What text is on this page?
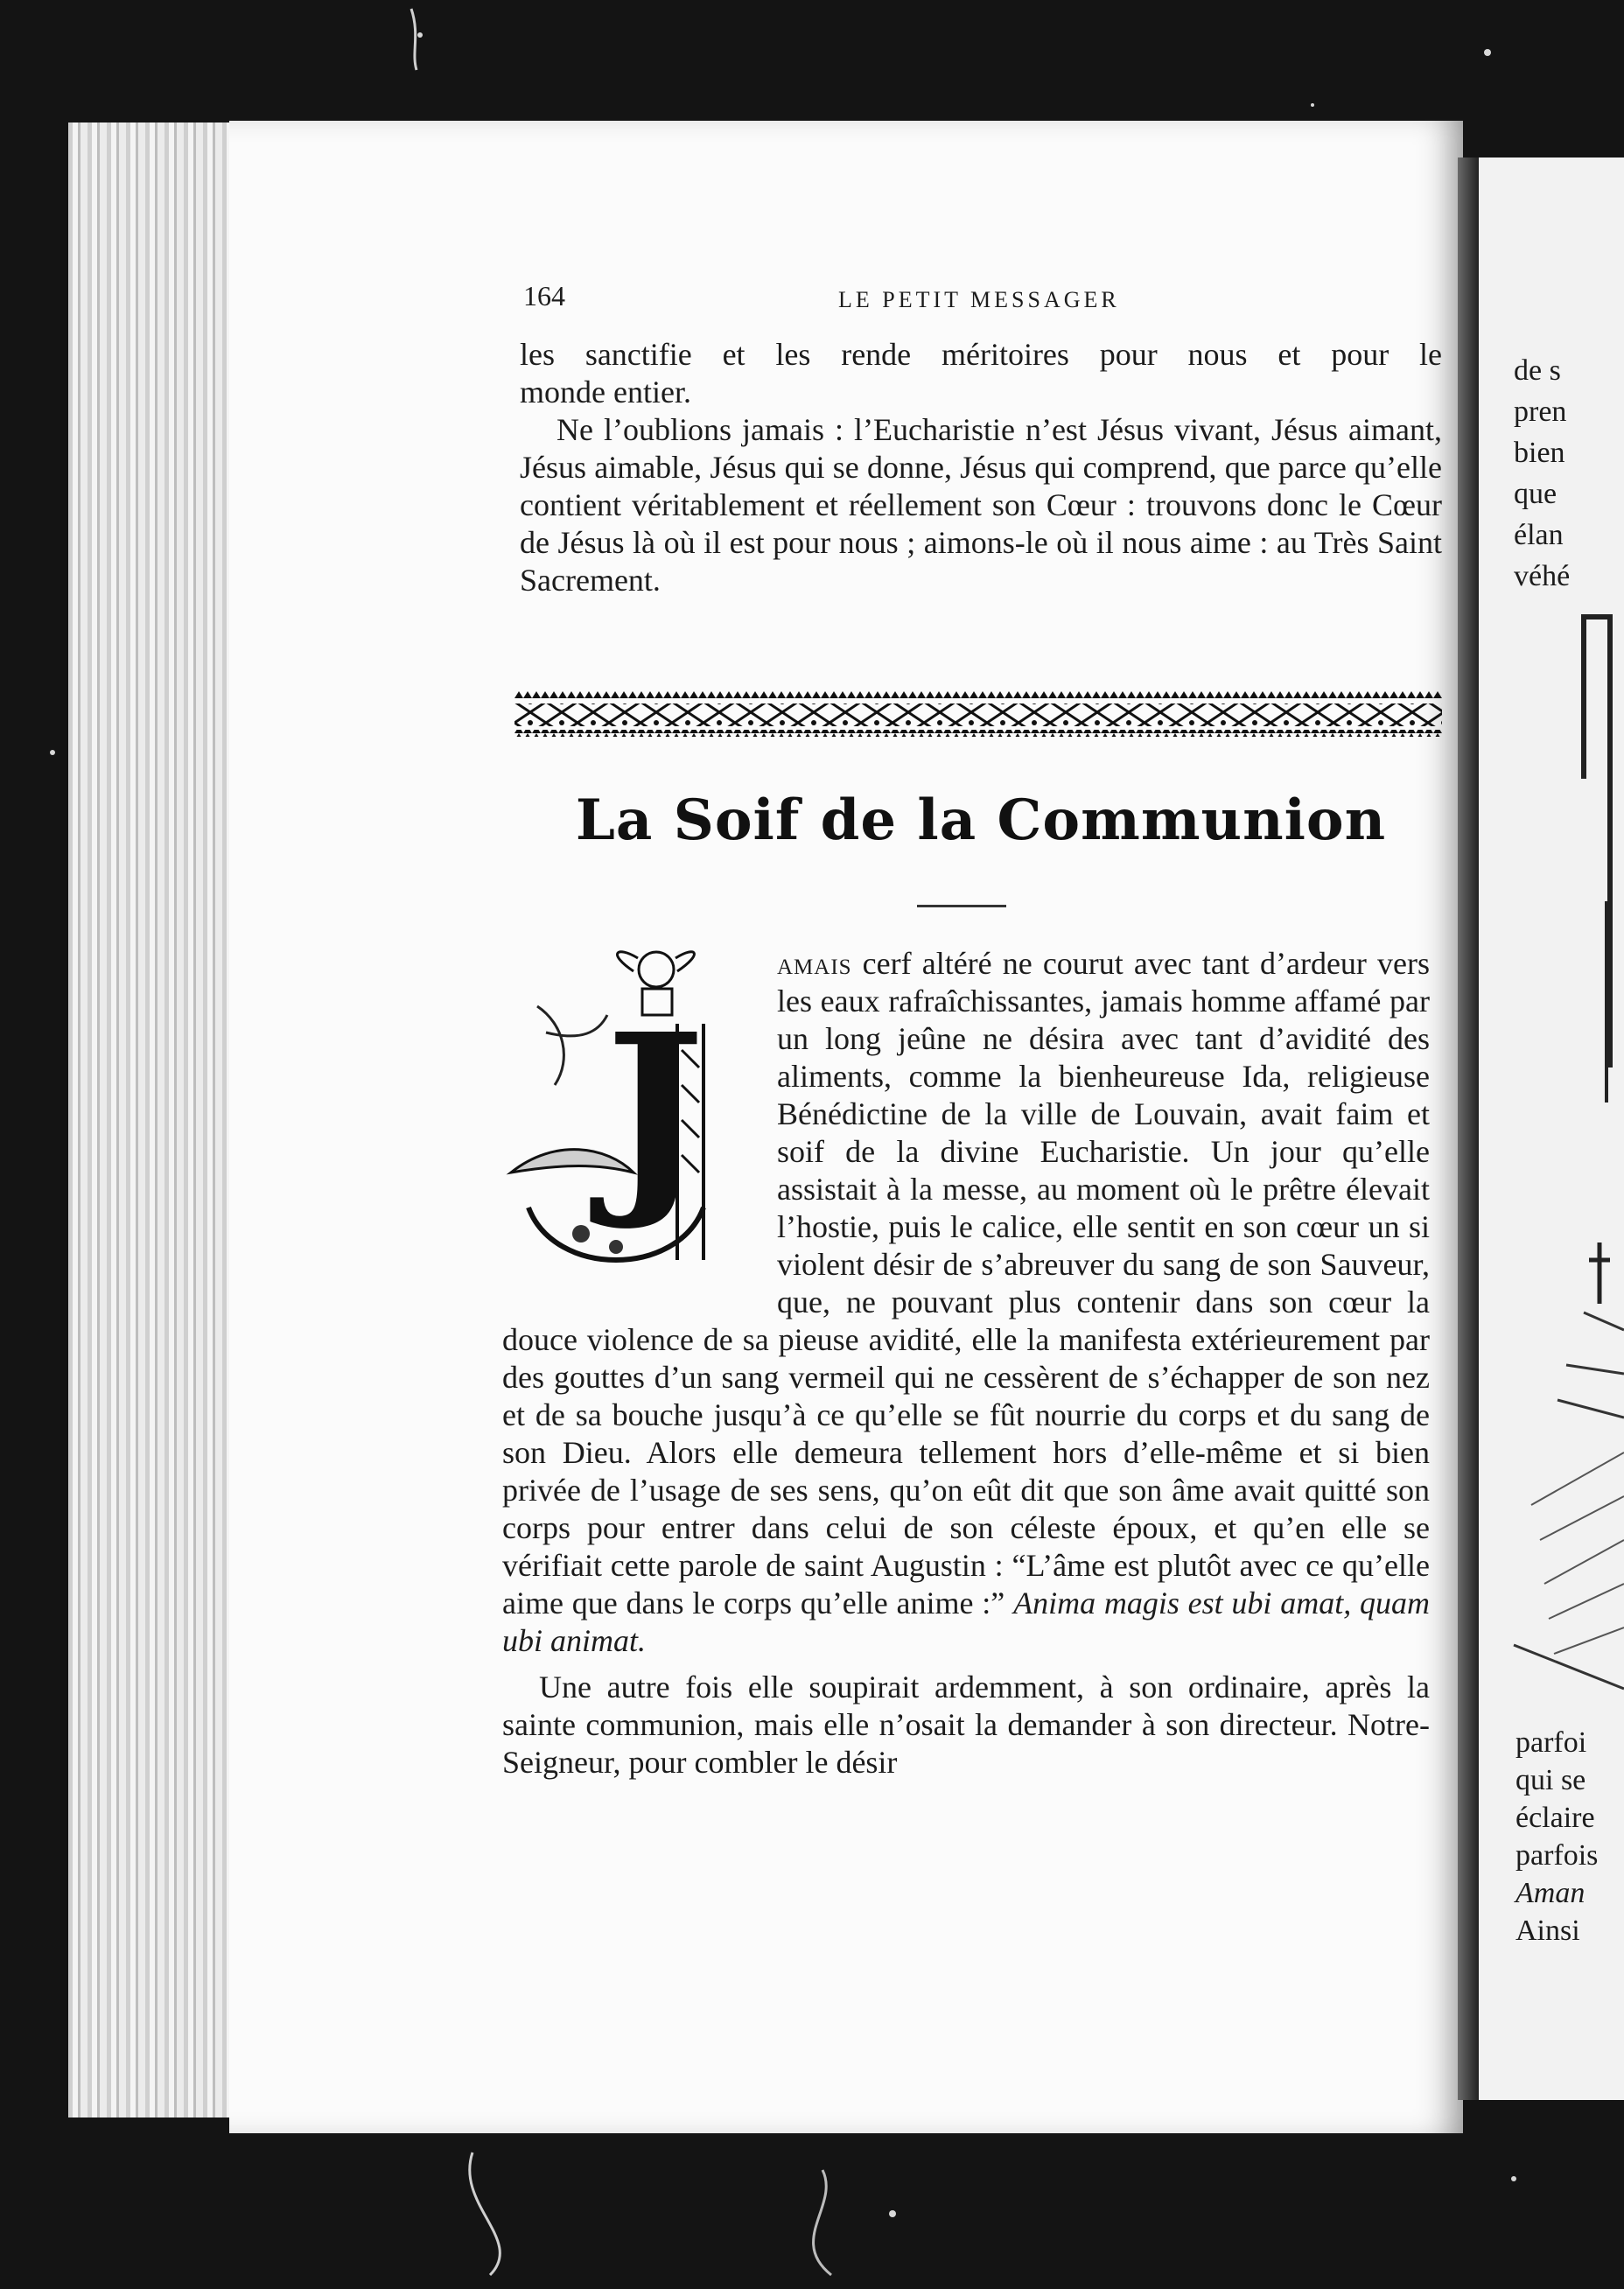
de s
pren
bien
que
élan
véhé
parfoi
qui se
éclaire
parfois
Aman
Ainsi
164	LE PETIT MESSAGER

les sanctifie et les rende méritoires pour nous et pour le

monde entier.

Ne l’oublions jamais : l’Eucharistie n’est Jésus vivant, Jésus aimant, Jésus aimable, Jésus qui se donne, Jésus qui comprend, que parce qu’elle contient véritablement et réellement son Cœur : trouvons donc le Cœur de Jésus là où il est pour nous ; aimons-le où il nous aime : au Très Saint Sacrement.

La Soif de la Communion
J

amais cerf altéré ne courut avec tant d’ardeur vers les eaux rafraîchissantes, jamais homme affamé par un long jeûne ne désira avec tant d’avidité des aliments, comme la bienheureuse Ida, religieuse Bénédictine de la ville de Louvain, avait faim et soif de la divine Eucharistie. Un jour qu’elle assistait à la messe, au moment où le prêtre élevait l’hostie, puis le calice, elle sentit en son cœur un si violent désir de s’abreuver du sang de son Sauveur, que, ne pouvant plus contenir dans son cœur la douce violence de sa pieuse avidité, elle la manifesta extérieurement par des gouttes d’un sang vermeil qui ne cessèrent de s’échapper de son nez et de sa bouche jusqu’à ce qu’elle se fût nourrie du corps et du sang de son Dieu. Alors elle demeura tellement hors d’elle-même et si bien privée de l’usage de ses sens, qu’on eût dit que son âme avait quitté son corps pour entrer dans celui de son céleste époux, et qu’en elle se vérifiait cette parole de saint Augustin : “L’âme est plutôt avec ce qu’elle aime que dans le corps qu’elle anime :” Anima magis est ubi amat, quam ubi animat.

Une autre fois elle soupirait ardemment, à son ordinaire, après la sainte communion, mais elle n’osait la demander à son directeur. Notre-Seigneur, pour combler le désir
